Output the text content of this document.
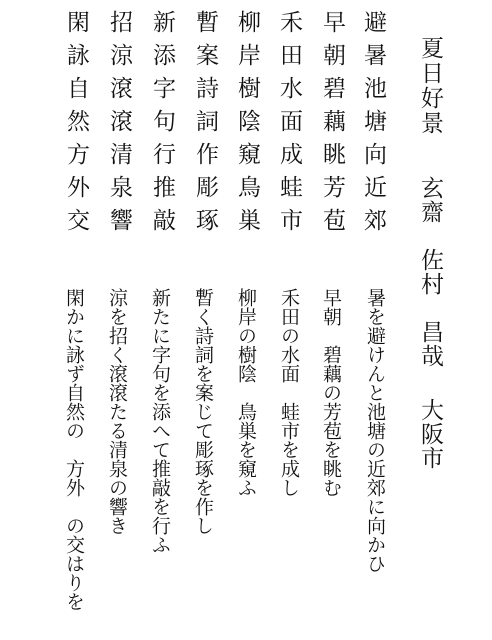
夏日好景
玄齋　佐村　昌哉
大阪市
避暑池塘向近郊
早朝碧藕眺芳苞
禾田水面成蛙市
柳岸樹陰窺鳥巣
暫案詩詞作彫琢
新添字句行推敲
招涼滾滾清泉響
閑詠自然方外交
暑を避けんと池塘の近郊に向かひ
早朝　碧藕の芳苞を眺む
禾田の水面　蛙市を成し
柳岸の樹陰　鳥巣を窺ふ
暫く詩詞を案じて彫琢を作し
新たに字句を添へて推敲を行ふ
涼を招く滾滾たる清泉の響き
閑かに詠ず自然の　方外　の交はりを
